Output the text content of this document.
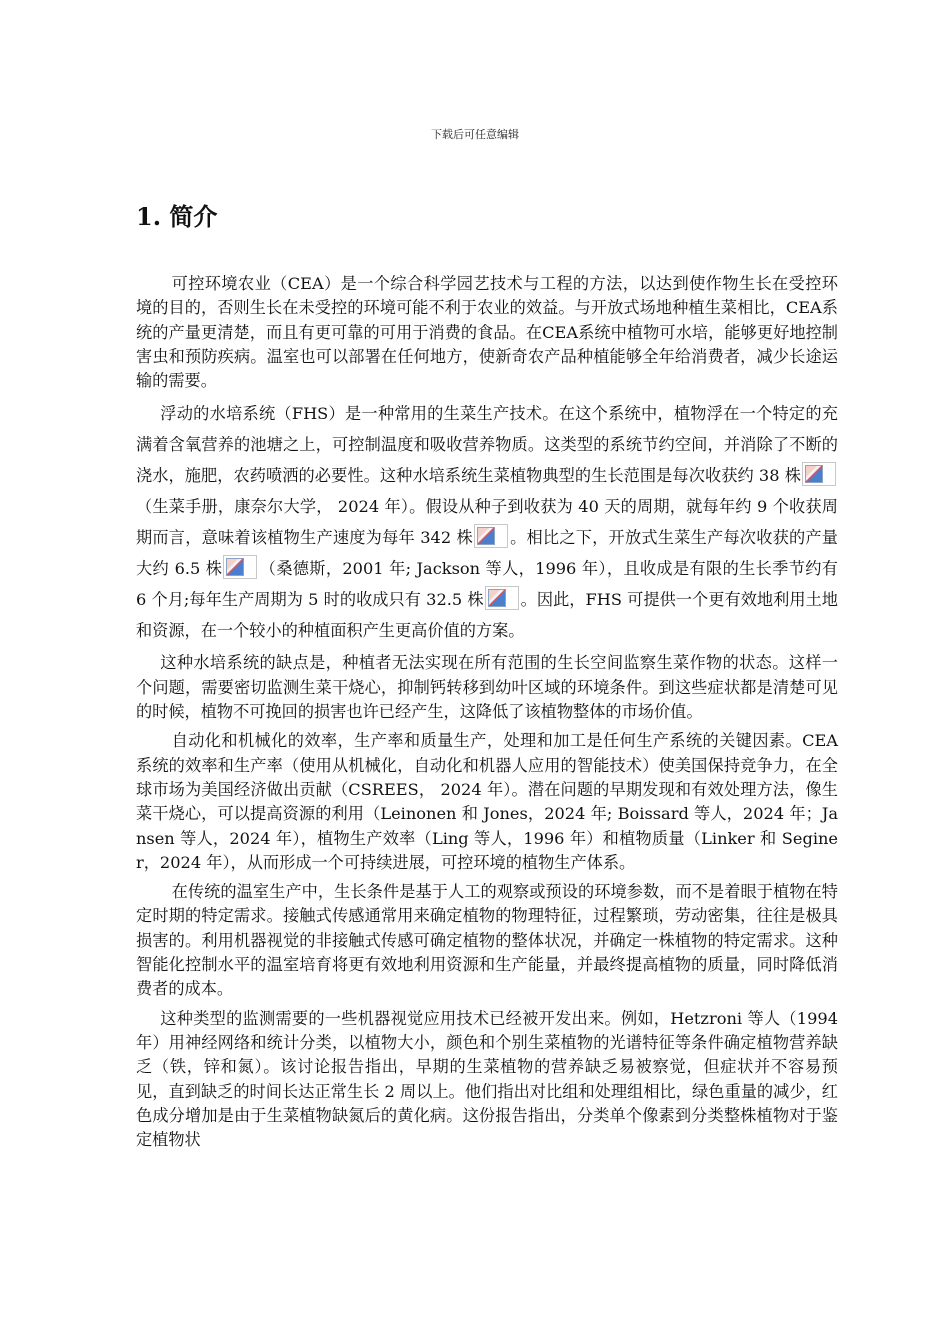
下载后可任意编辑
1. 简介

可控环境农业（CEA）是一个综合科学园艺技术与工程的方法，以达到使作物生长在受控环境的目的，否则生长在未受控的环境可能不利于农业的效益。与开放式场地种植生菜相比，CEA系统的产量更清楚，而且有更可靠的可用于消费的食品。在CEA系统中植物可水培，能够更好地控制害虫和预防疾病。温室也可以部署在任何地方，使新奇农产品种植能够全年给消费者，减少长途运输的需要。

浮动的水培系统（FHS）是一种常用的生菜生产技术。在这个系统中，植物浮在一个特定的充满着含氧营养的池塘之上，可控制温度和吸收营养物质。这类型的系统节约空间，并消除了不断的浇水，施肥，农药喷洒的必要性。这种水培系统生菜植物典型的生长范围是每次收获约 38 株
（生菜手册，康奈尔大学， 2024 年）。假设从种子到收获为 40 天的周期，就每年约 9 个收获周期而言，意味着该植物生产速度为每年 342 株 。相比之下，开放式生菜生产每次收获的产量大约 6.5 株 （桑德斯，2001 年; Jackson 等人，1996 年），且收成是有限的生长季节约有 6 个月;每年生产周期为 5 时的收成只有 32.5 株 。因此，FHS 可提供一个更有效地利用土地和资源，在一个较小的种植面积产生更高价值的方案。

这种水培系统的缺点是，种植者无法实现在所有范围的生长空间监察生菜作物的状态。这样一个问题，需要密切监测生菜干烧心，抑制钙转移到幼叶区域的环境条件。到这些症状都是清楚可见的时候，植物不可挽回的损害也许已经产生，这降低了该植物整体的市场价值。

自动化和机械化的效率，生产率和质量生产，处理和加工是任何生产系统的关键因素。CEA 系统的效率和生产率（使用从机械化，自动化和机器人应用的智能技术）使美国保持竞争力，在全球市场为美国经济做出贡献（CSREES， 2024 年）。潜在问题的早期发现和有效处理方法，像生菜干烧心，可以提高资源的利用（Leinonen 和 Jones，2024 年; Boissard 等人，2024 年；Jansen 等人，2024 年），植物生产效率（Ling 等人，1996 年）和植物质量（Linker 和 Seginer，2024 年），从而形成一个可持续进展，可控环境的植物生产体系。

在传统的温室生产中，生长条件是基于人工的观察或预设的环境参数，而不是着眼于植物在特定时期的特定需求。接触式传感通常用来确定植物的物理特征，过程繁琐，劳动密集，往往是极具损害的。利用机器视觉的非接触式传感可确定植物的整体状况，并确定一株植物的特定需求。这种智能化控制水平的温室培育将更有效地利用资源和生产能量，并最终提高植物的质量，同时降低消费者的成本。

这种类型的监测需要的一些机器视觉应用技术已经被开发出来。例如，Hetzroni 等人（1994 年）用神经网络和统计分类，以植物大小，颜色和个别生菜植物的光谱特征等条件确定植物营养缺乏（铁，锌和氮）。该讨论报告指出，早期的生菜植物的营养缺乏易被察觉，但症状并不容易预见，直到缺乏的时间长达正常生长 2 周以上。他们指出对比组和处理组相比，绿色重量的减少，红色成分增加是由于生菜植物缺氮后的黄化病。这份报告指出，分类单个像素到分类整株植物对于鉴定植物状
